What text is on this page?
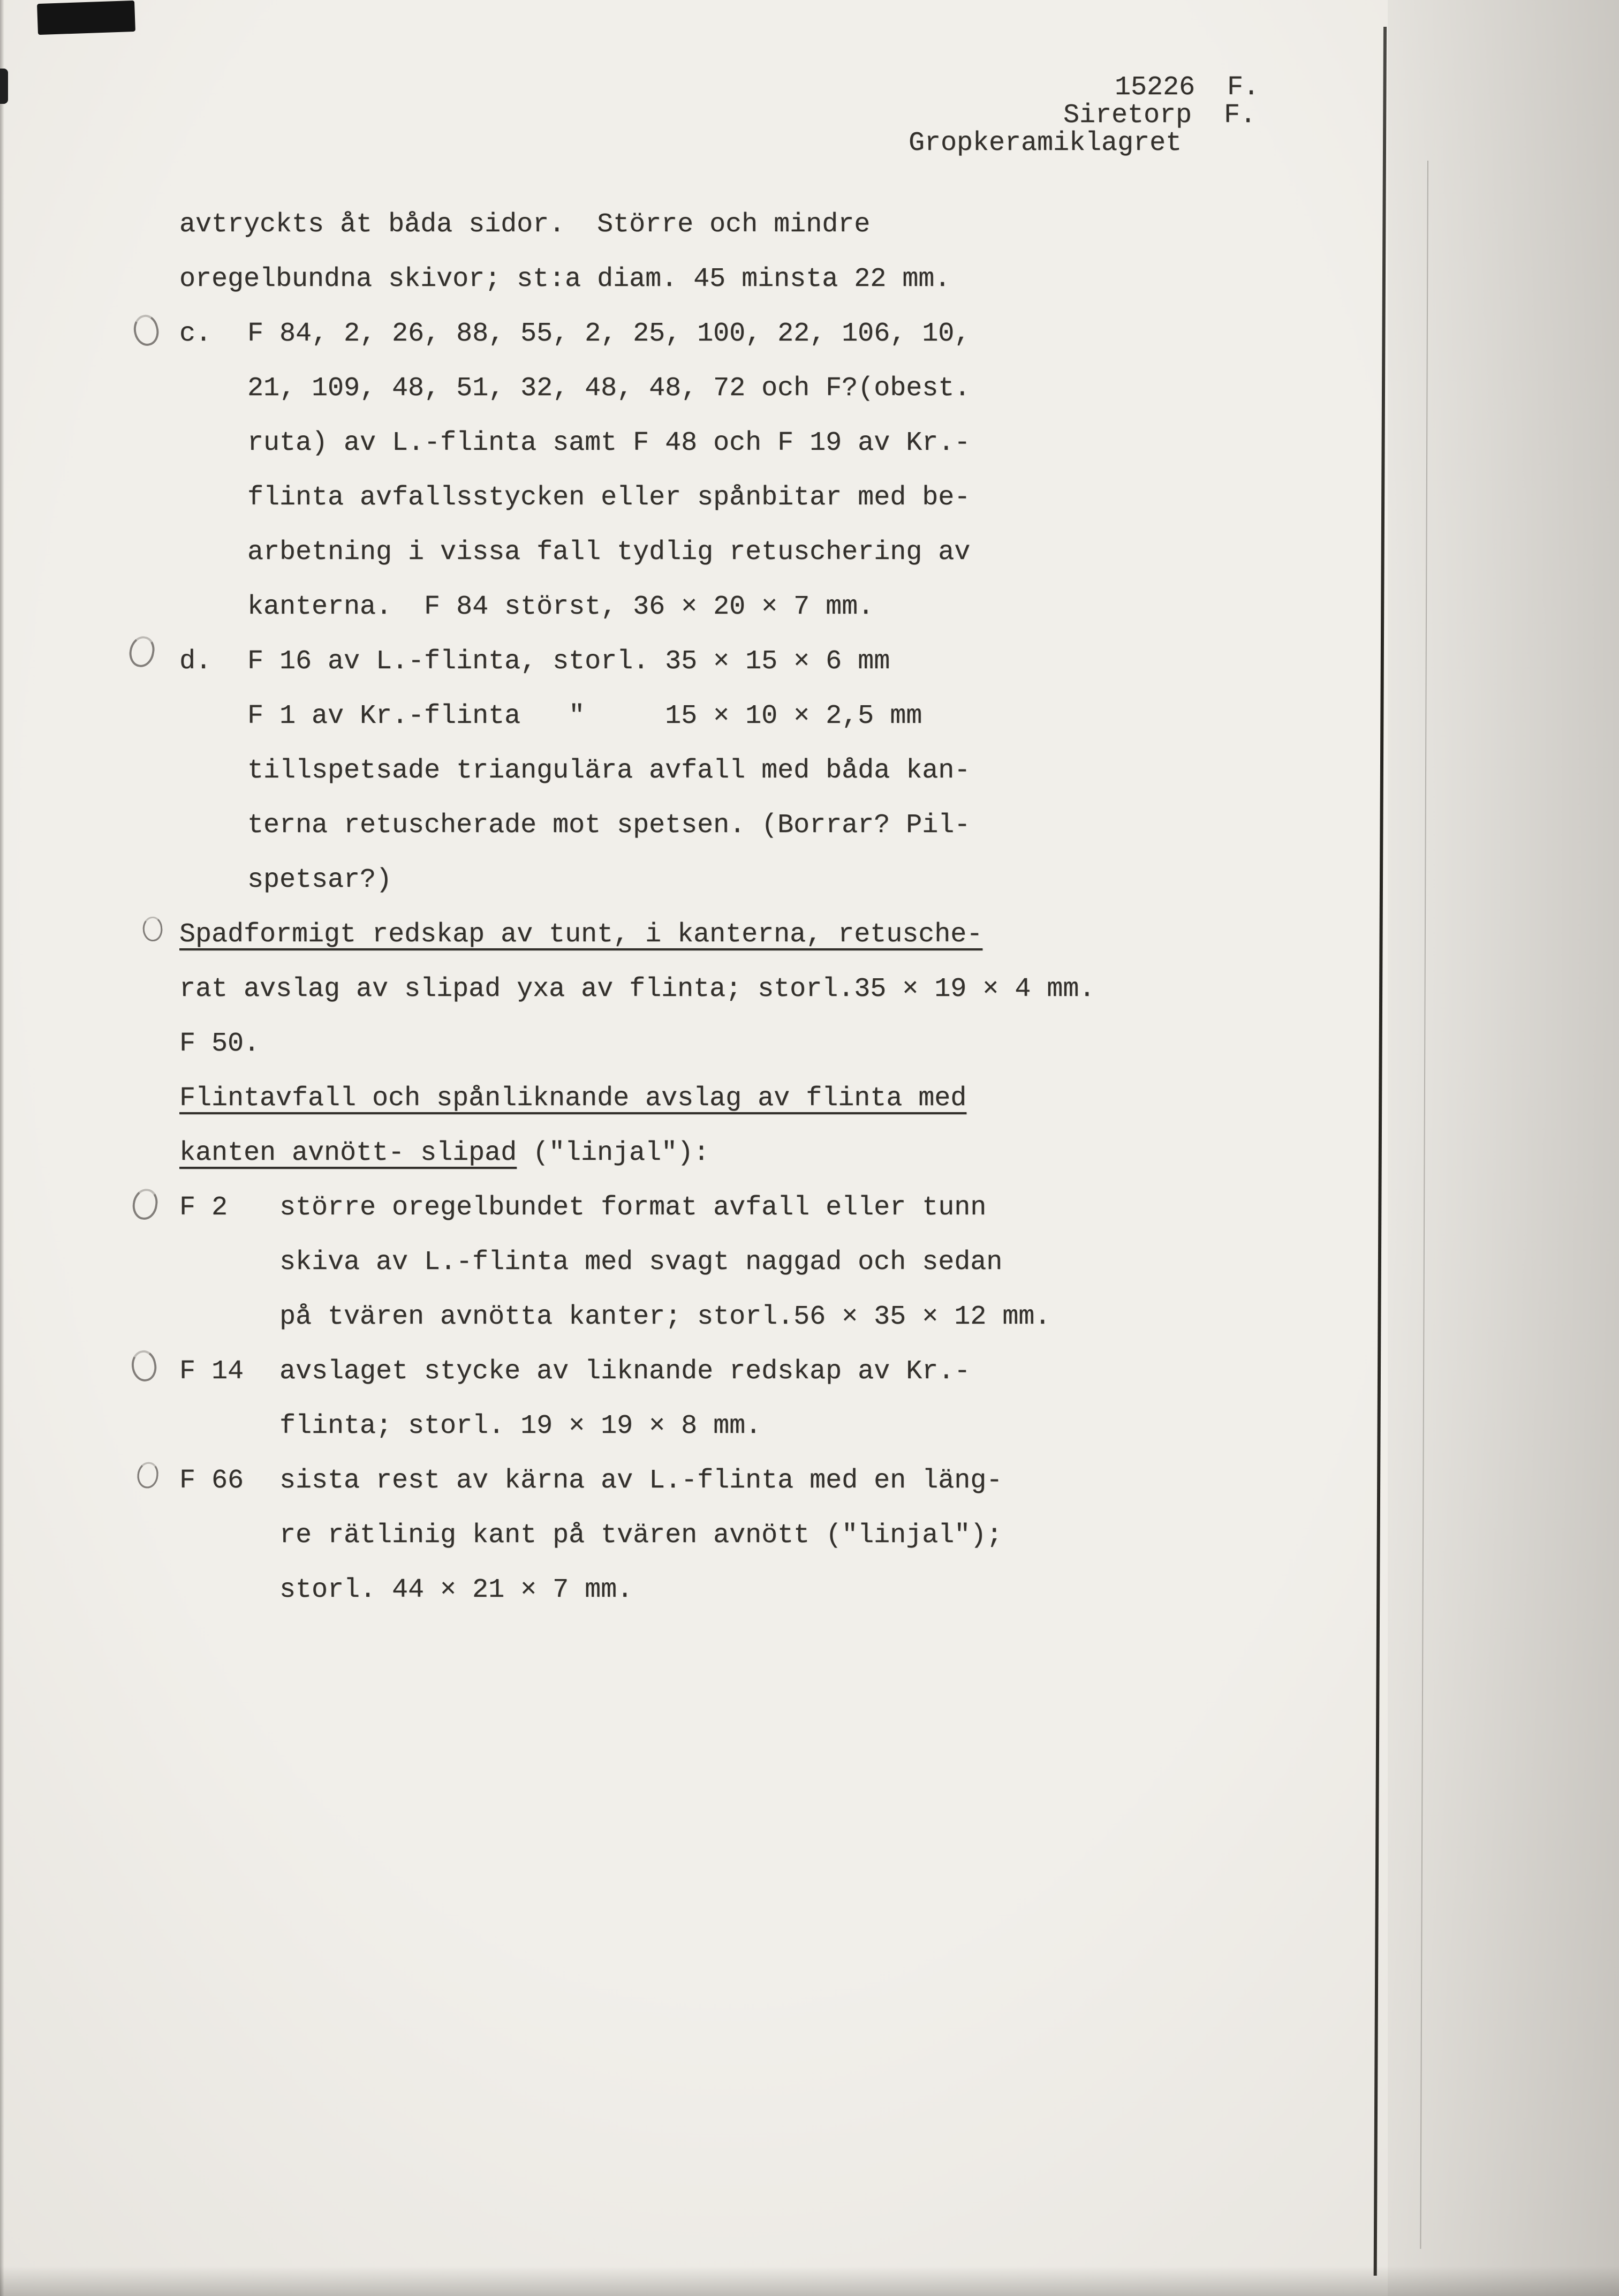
15226  F.
Siretorp  F.
Gropkeramiklagret
avtryckts åt båda sidor.  Större och mindre
oregelbundna skivor; st:a diam. 45 minsta 22 mm.
c. F 84, 2, 26, 88, 55, 2, 25, 100, 22, 106, 10,
21, 109, 48, 51, 32, 48, 48, 72 och F?(obest.
ruta) av L.-flinta samt F 48 och F 19 av Kr.-
flinta avfallsstycken eller spånbitar med be-
arbetning i vissa fall tydlig retuschering av
kanterna.  F 84 störst, 36 × 20 × 7 mm.
d. F 16 av L.-flinta, storl. 35 × 15 × 6 mm
F 1 av Kr.-flinta   "     15 × 10 × 2,5 mm
tillspetsade triangulära avfall med båda kan-
terna retuscherade mot spetsen. (Borrar? Pil-
spetsar?)
Spadformigt redskap av tunt, i kanterna, retusche-
rat avslag av slipad yxa av flinta; storl.35 × 19 × 4 mm.
F 50.
Flintavfall och spånliknande avslag av flinta med
kanten avnött- slipad ("linjal"):
F 2 större oregelbundet format avfall eller tunn
skiva av L.-flinta med svagt naggad och sedan
på tvären avnötta kanter; storl.56 × 35 × 12 mm.
F 14 avslaget stycke av liknande redskap av Kr.-
flinta; storl. 19 × 19 × 8 mm.
F 66 sista rest av kärna av L.-flinta med en läng-
re rätlinig kant på tvären avnött ("linjal");
storl. 44 × 21 × 7 mm.
